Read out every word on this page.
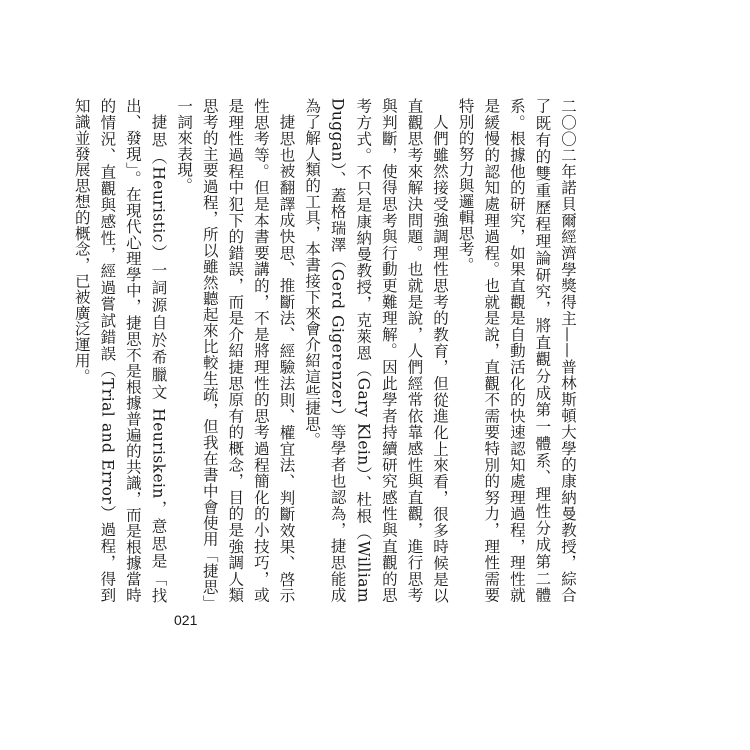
二〇〇二年諾貝爾經濟學獎得主——普林斯頓大學的康納曼教授，綜合了既有的雙重歷程理論研究，將直觀分成第一體系、理性分成第二體系。根據他的研究，如果直觀是自動活化的快速認知處理過程，理性就是緩慢的認知處理過程。也就是說，直觀不需要特別的努力，理性需要特別的努力與邏輯思考。

人們雖然接受強調理性思考的教育，但從進化上來看，很多時候是以直觀思考來解決問題。也就是說，人們經常依靠感性與直觀，進行思考與判斷，使得思考與行動更難理解。因此學者持續研究感性與直觀的思考方式。不只是康納曼教授，克萊恩（Gary Klein）、杜根（William Duggan）、蓋格瑞澤（Gerd Gigerenzer）等學者也認為，捷思能成為了解人類的工具，本書接下來會介紹這些捷思。

捷思也被翻譯成快思、推斷法、經驗法則、權宜法、判斷效果、啓示性思考等。但是本書要講的，不是將理性的思考過程簡化的小技巧，或是理性過程中犯下的錯誤，而是介紹捷思原有的概念，目的是強調人類思考的主要過程，所以雖然聽起來比較生疏，但我在書中會使用「捷思」一詞來表現。

捷思（Heuristic）一詞源自於希臘文 Heuriskein，意思是「找出、發現」。在現代心理學中，捷思不是根據普遍的共識，而是根據當時的情況、直觀與感性，經過嘗試錯誤（Trial and Error）過程，得到知識並發展思想的概念，已被廣泛運用。

021
